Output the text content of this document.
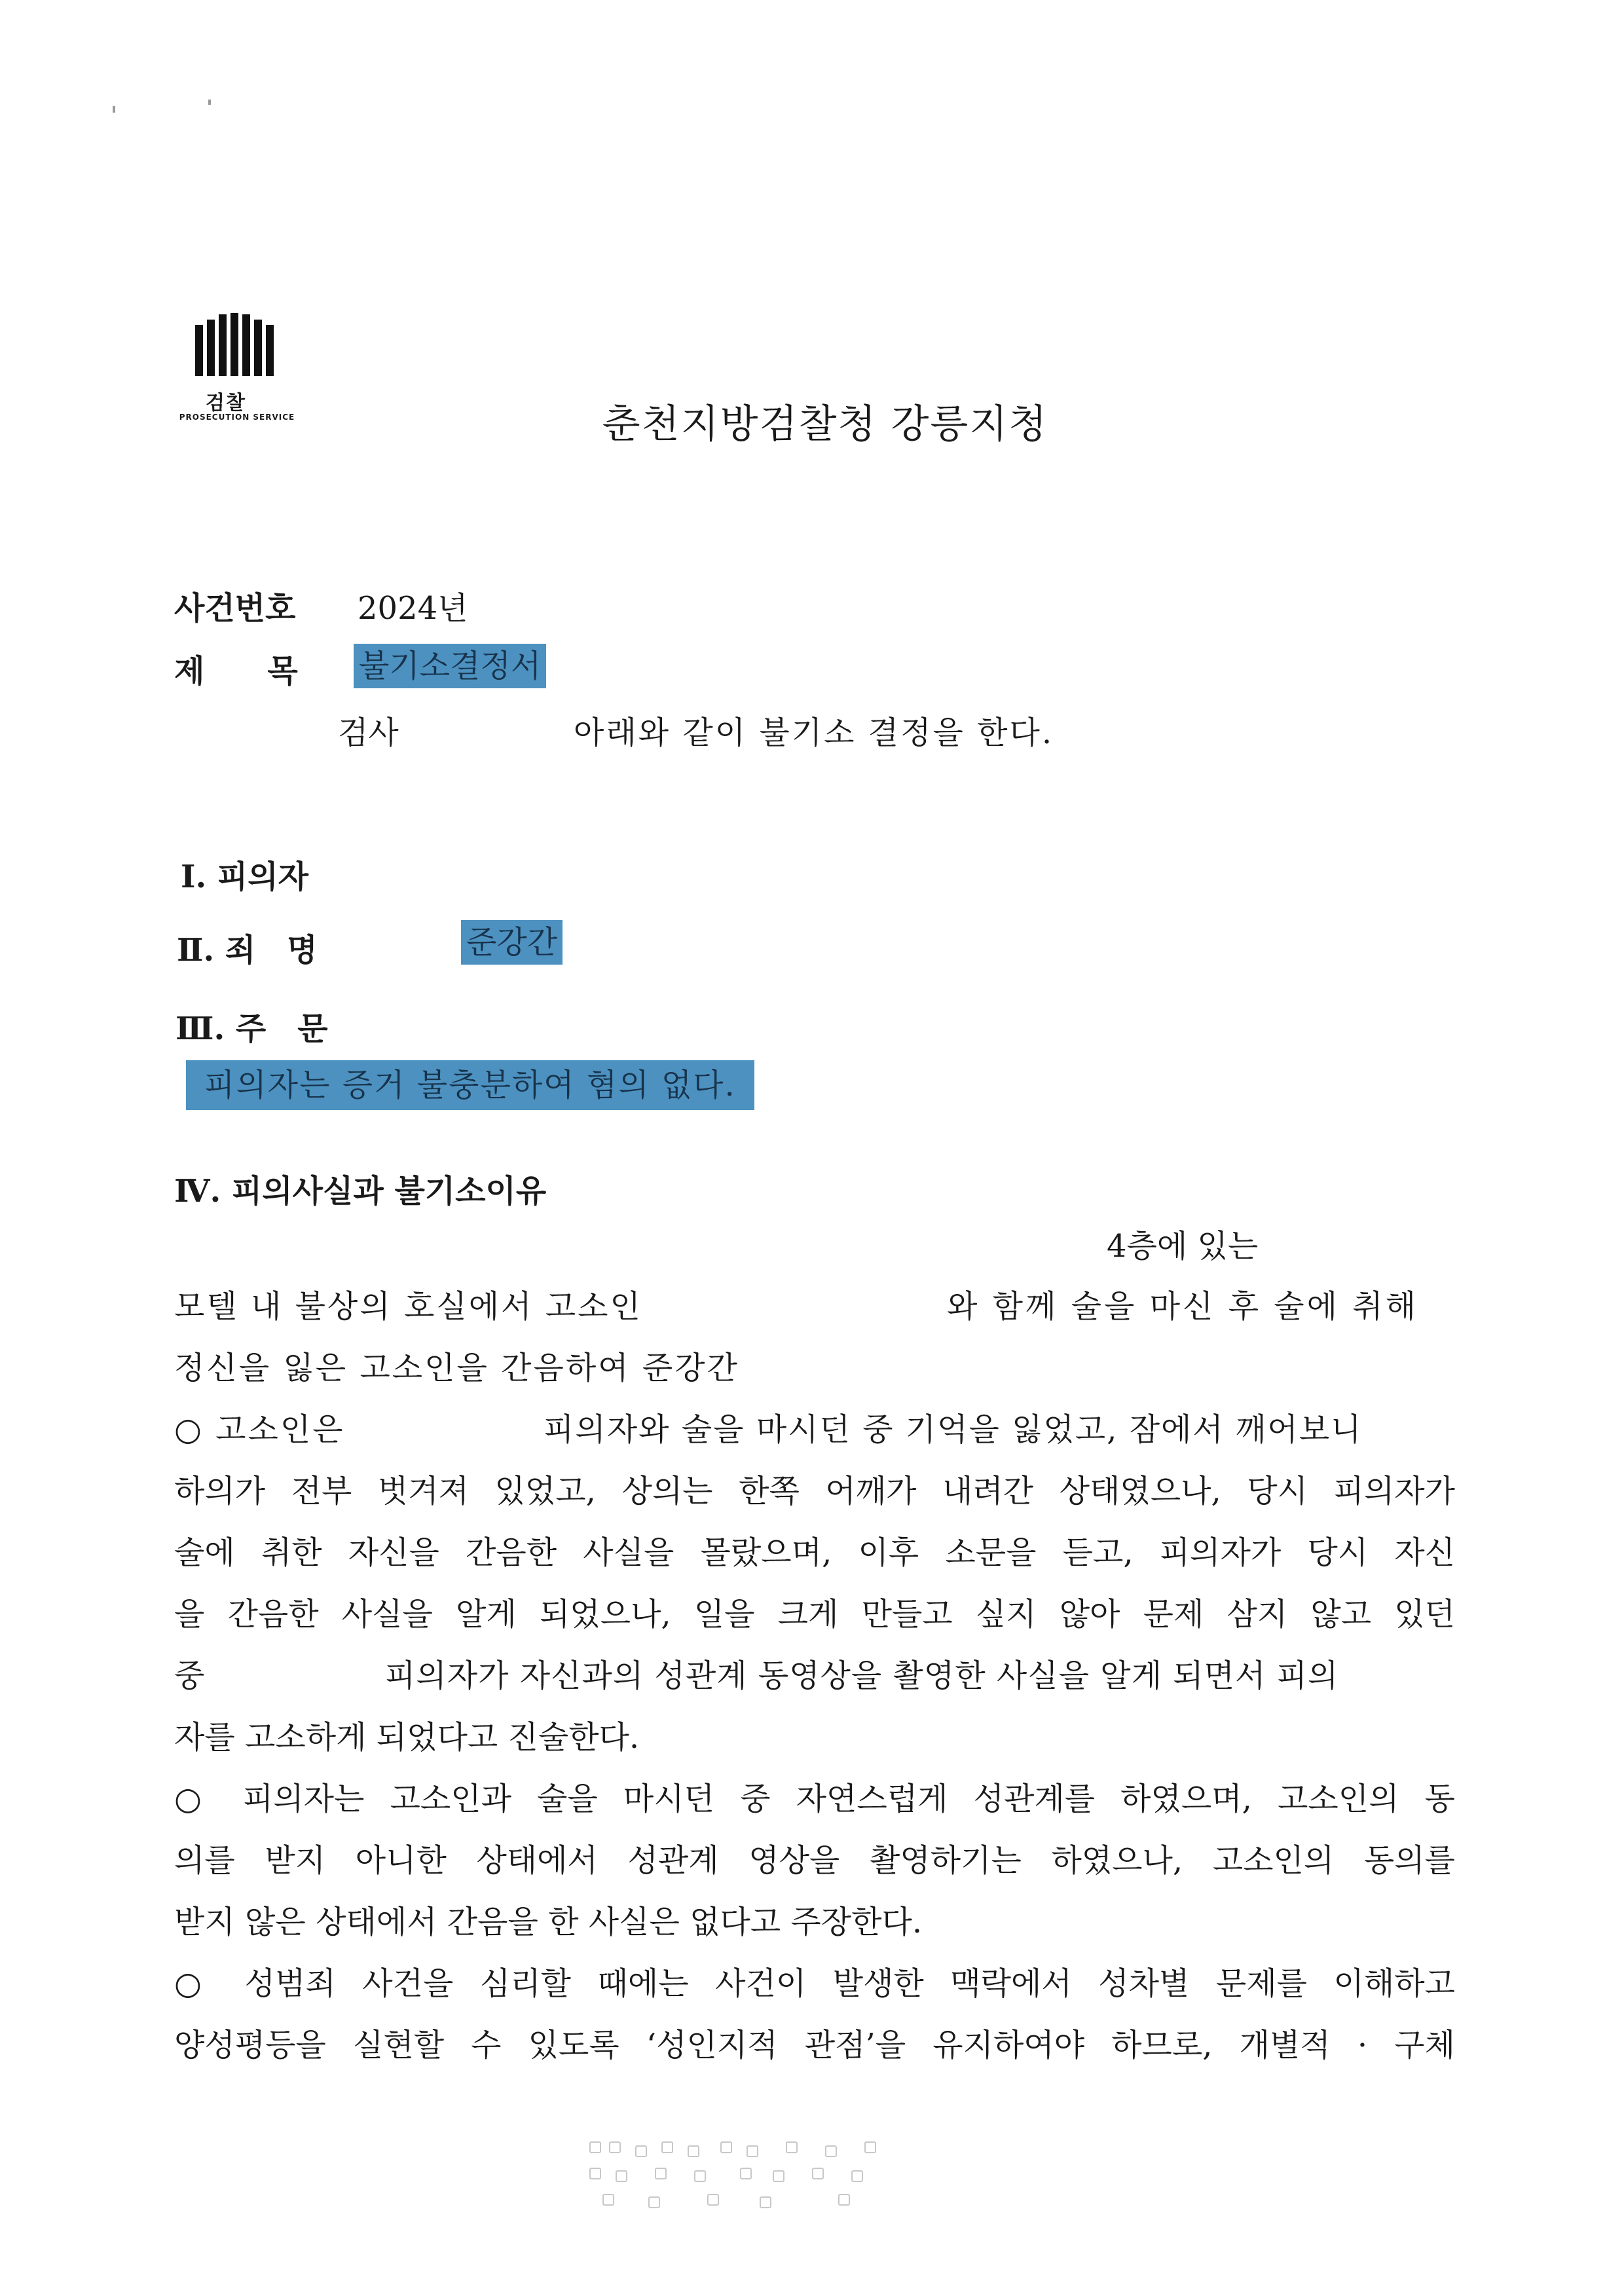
검찰
PROSECUTION SERVICE	춘천지방검찰청 강릉지청
사건번호 2024년
제　　목 불기소결정서
검사	아래와 같이 불기소 결정을 한다.
Ⅰ. 피의자
Ⅱ. 죄　명	준강간
Ⅲ. 주　문
피의자는 증거 불충분하여 혐의 없다.
Ⅳ. 피의사실과 불기소이유
4층에 있는
모텔 내 불상의 호실에서 고소인	와 함께 술을 마신 후 술에 취해
정신을 잃은 고소인을 간음하여 준강간
○ 고소인은	피의자와 술을 마시던 중 기억을 잃었고, 잠에서 깨어보니
하의가 전부 벗겨져 있었고, 상의는 한쪽 어깨가 내려간 상태였으나, 당시 피의자가
술에 취한 자신을 간음한 사실을 몰랐으며, 이후 소문을 듣고, 피의자가 당시 자신
을 간음한 사실을 알게 되었으나, 일을 크게 만들고 싶지 않아 문제 삼지 않고 있던
중	피의자가 자신과의 성관계 동영상을 촬영한 사실을 알게 되면서 피의
자를 고소하게 되었다고 진술한다.
○ 피의자는 고소인과 술을 마시던 중 자연스럽게 성관계를 하였으며, 고소인의 동
의를 받지 아니한 상태에서 성관계 영상을 촬영하기는 하였으나, 고소인의 동의를
받지 않은 상태에서 간음을 한 사실은 없다고 주장한다.
○ 성범죄 사건을 심리할 때에는 사건이 발생한 맥락에서 성차별 문제를 이해하고
양성평등을 실현할 수 있도록 ‘성인지적 관점’을 유지하여야 하므로, 개별적 · 구체
